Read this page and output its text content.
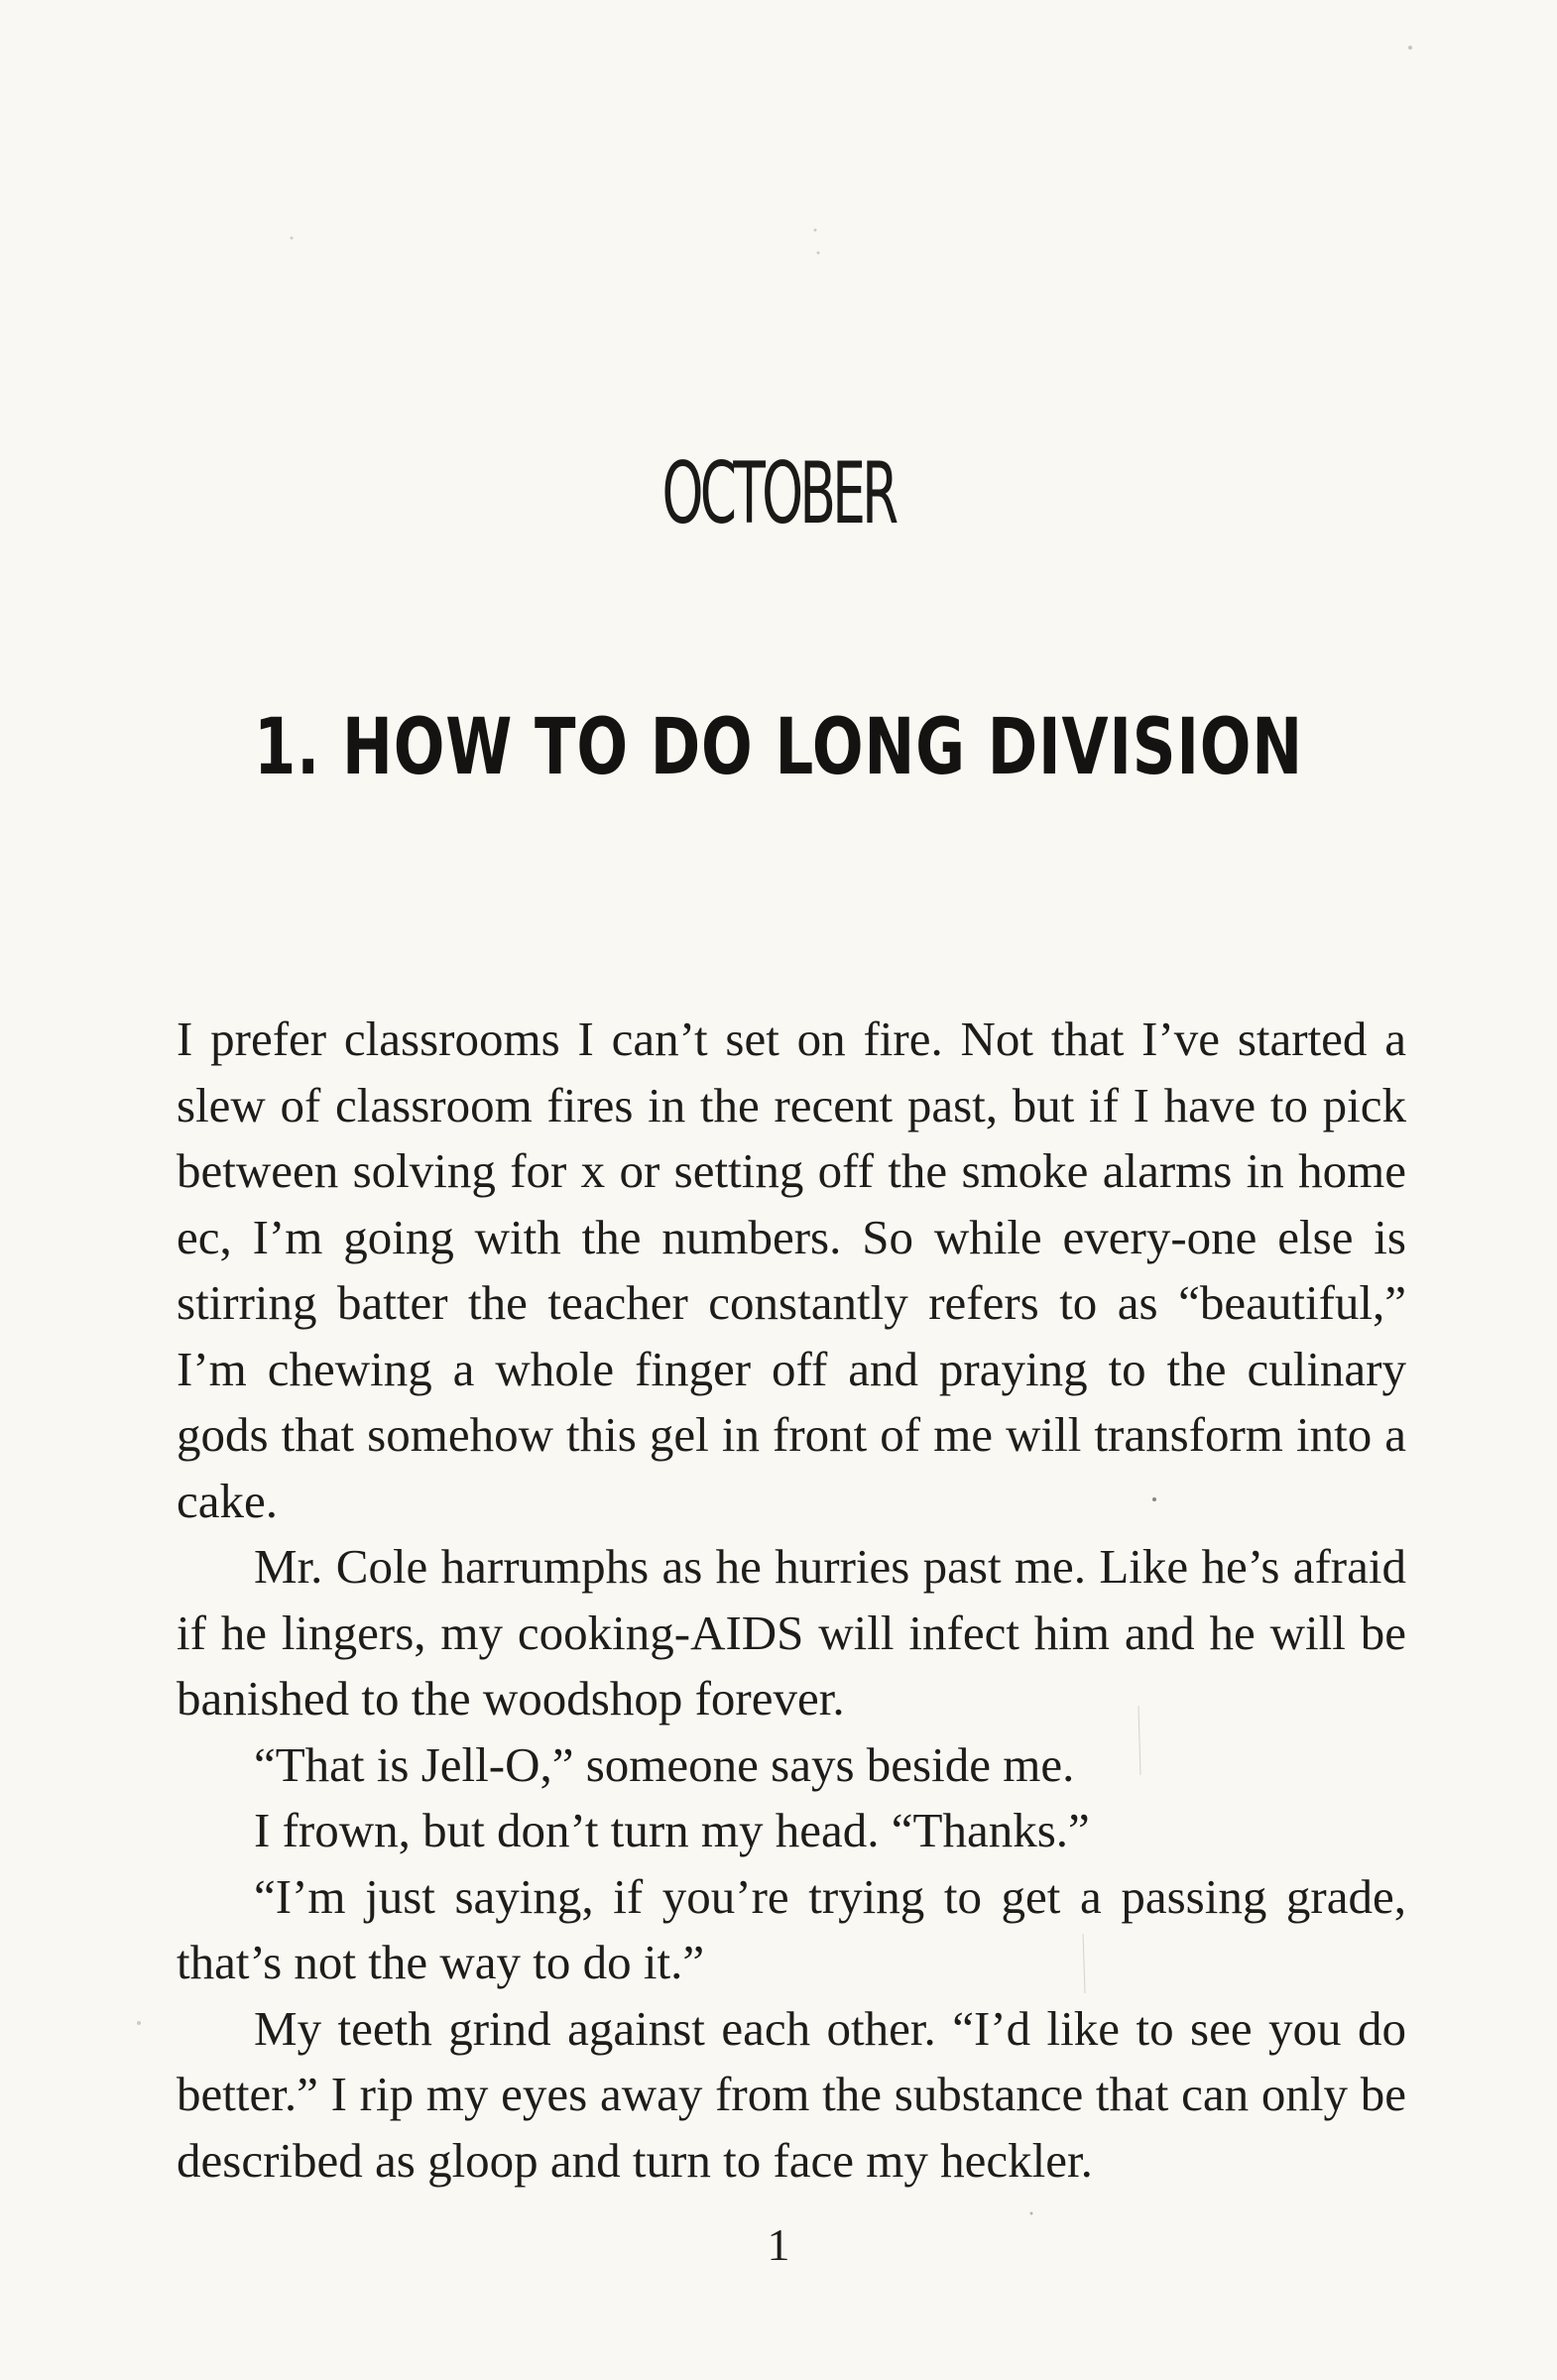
OCTOBER
1. HOW TO DO LONG DIVISION

I prefer classrooms I can’t set on fire. Not that I’ve started a slew of classroom fires in the recent past, but if I have to pick between solving for x or setting off the smoke alarms in home ec, I’m going with the numbers. So while every-one else is stirring batter the teacher constantly refers to as “beautiful,” I’m chewing a whole finger off and praying to the culinary gods that somehow this gel in front of me will transform into a cake.

Mr. Cole harrumphs as he hurries past me. Like he’s afraid if he lingers, my cooking-AIDS will infect him and he will be banished to the woodshop forever.

“That is Jell-O,” someone says beside me.

I frown, but don’t turn my head. “Thanks.”

“I’m just saying, if you’re trying to get a passing grade, that’s not the way to do it.”

My teeth grind against each other. “I’d like to see you do better.” I rip my eyes away from the substance that can only be described as gloop and turn to face my heckler.

1
